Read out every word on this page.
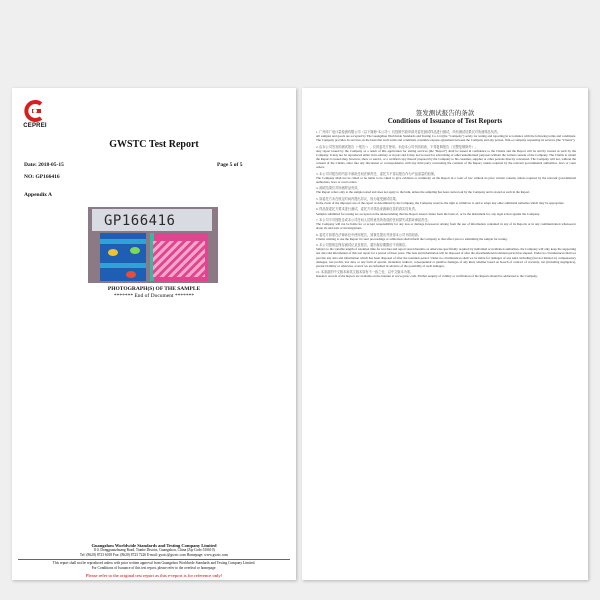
CEPREI
GWSTC Test Report
Date: 2018-05-15	Page 5 of 5
NO: GP166416
Appendix A
GP166416
PHOTOGRAPH(S) OF THE SAMPLE
******* End of Document *******
Guangzhou Worldwide Standards and Testing Company Limited
110, Dongguanzhuang Road, Tianhe District, Guangzhou, China (Zip Code:510610)
Tel: (8620) 8723 6018 Fax: (8620) 8723 7226 E-mail: gwstc@gwstc.com Homepage: www.gwstc.com
This report shall not be reproduced unless with prior written approval from Guangzhou Worldwide Standards and Testing Company Limited.
For Conditions of Issuance of this test report, please refer to the overleaf or homepage.
Please refer to the original test report as this e-report is for reference only!
签发测试报告的条款
Conditions of Issuance of Test Reports
1. 广州市广电计量检测有限公司（以下简称"本公司"）仅按照书面申请对委托测试样品进行测试，所有测试结果仅对所测样品负责。
All samples and goods are accepted by The Guangzhou Worldwide Standards and Testing Co. Ltd (the "Company") solely for testing and reporting in accordance with the following terms and conditions. The Company provides its services on the basis that such terms and conditions constitute express agreement between the Company and any person, firm or company requesting its services (the "Clients").
2. 由本公司签发的测试报告（"报告"），仅供委托方使用。未经本公司书面同意，不得复制报告（完整复制除外）。
Any report issued by the Company as a result of this application for testing services (the "Report") shall be issued in confidence to the Clients and the Report will be strictly treated as such by the Company. It may not be reproduced either in its entirety or in part and it may not be used for advertising or other unauthorized purposes without the written consent of the Company. The Clients to whom the Report is issued may, however, show or send it, or a certified copy thereof prepared by the Company to his customer, supplier or other persons directly concerned. The Company will not, without the consent of the Clients, enter into any discussion or correspondence with any third party concerning the contents of the Report, unless required by the relevant governmental authorities, laws or court orders.
3. 本公司对报告的内容不承担任何法律责任，委托方不得以报告作为产品质量的担保。
The Company shall not be called or be liable to be called to give evidence or testimony on the Report in a court of law without its prior written consent, unless required by the relevant governmental authorities, laws or court orders.
4. 测试结果仅对所测样品有效。
The Report refers only to the sample tested and does not apply to the bulk, unless the sampling has been carried out by the Company and is stated as such in the Report.
5. 如委托方未在规定时间内提出异议，视为接受测试结果。
In the event of the improper use of the report as determined by the Company, the Company reserves the right to withdraw it, and to adopt any other additional remedies which may be appropriate.
6. 样品按委托方要求进行测试，委托方对样品来源和信息的真实性负责。
Samples submitted for testing are accepted on the understanding that the Report issued cannot form the basis of, or be the instrument for, any legal action against the Company.
7. 本公司不对因报告或本公司任何人员的意见所造成的任何损失或损坏承担责任。
The Company will not be liable for or accept responsibility for any loss or damage howsoever arising from the use of information contained in any of its Reports or in any communication whatsoever about its said tests or investigations.
8. 委托方如需在法律诉讼中使用报告，须事先提出并获得本公司书面同意。
Clients wishing to use the Report in court proceedings or arbitration shall inform the Company to that effect prior to submitting the sample for testing.
9. 本公司按规定保存测试记录及报告，超出保存期限后不再保存。
Subject to the variable length of retention time for test data and report stored hereinto as otherwise specifically required by individual accreditation authorities, the Company will only keep the supporting test data and information of this test report for a period of three years. The data and information will be disposed of after the aforementioned retention period has elapsed. Under no circumstances shall we provide any data and information which has been disposed of after the retention period. Under no circumstances shall we be liable for damages of any kind, including (but not limited to) compensatory damages, lost profits, lost data, or any form of special, incidental, indirect, consequential or punitive damages of any kind, whether based on breach of contract of warranty, tort (including negligence), product liability or otherwise, even if we are informed in advance of the possibility of such damages.
10. 本条款的中文版本和英文版本如有不一致之处，以中文版本为准。
Issuance records of the Report are available on the internet at www.gwstc.com. Further enquiry of validity or verification of the Reports should be addressed to the Company.
